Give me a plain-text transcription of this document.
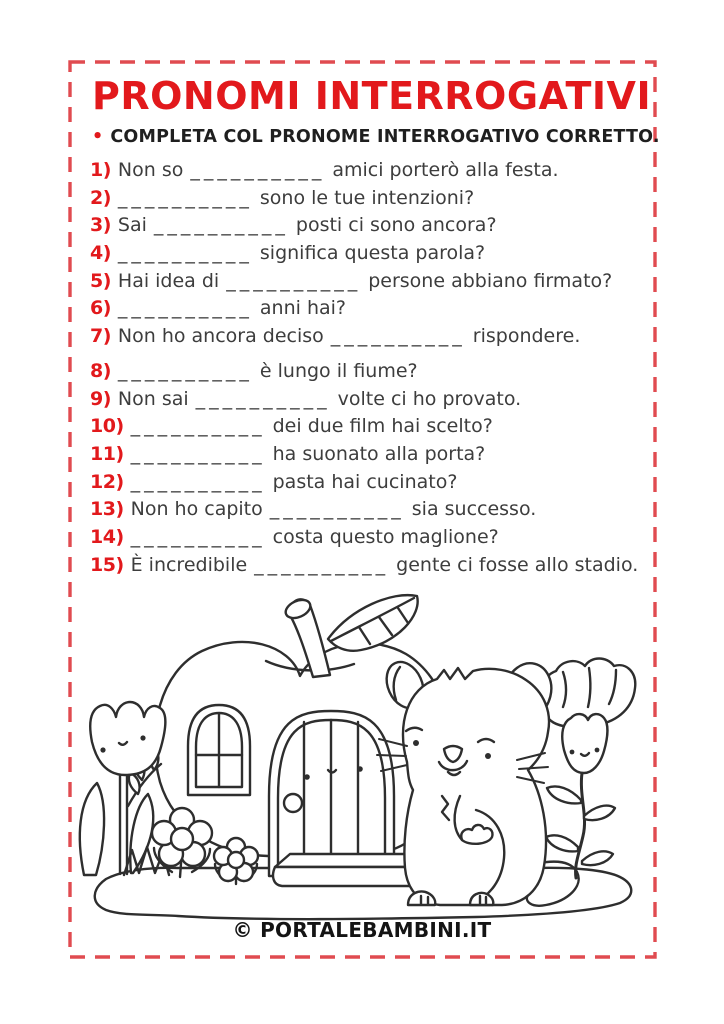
PRONOMI INTERROGATIVI
• COMPLETA COL PRONOME INTERROGATIVO CORRETTO.
1) Non so __________ amici porterò alla festa.
2) __________ sono le tue intenzioni?
3) Sai __________ posti ci sono ancora?
4) __________ significa questa parola?
5) Hai idea di __________ persone abbiano firmato?
6) __________ anni hai?
7) Non ho ancora deciso __________ rispondere.
8) __________ è lungo il fiume?
9) Non sai __________ volte ci ho provato.
10) __________ dei due film hai scelto?
11) __________ ha suonato alla porta?
12) __________ pasta hai cucinato?
13) Non ho capito __________ sia successo.
14) __________ costa questo maglione?
15) È incredibile __________ gente ci fosse allo stadio.
© PORTALEBAMBINI.IT
